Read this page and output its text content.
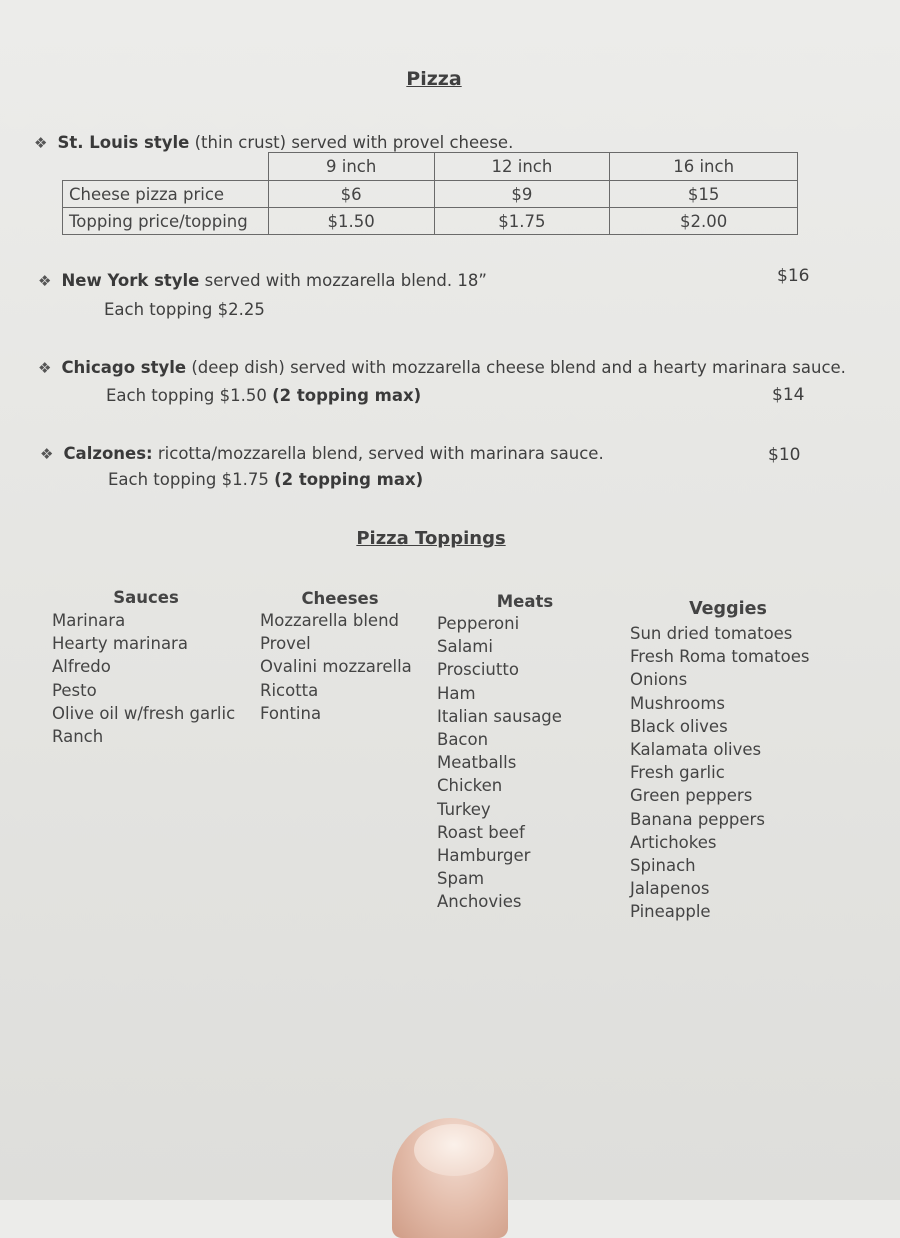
Pizza
❖ St. Louis style (thin crust) served with provel cheese.
	9 inch	12 inch	16 inch
Cheese pizza price	$6	$9	$15
Topping price/topping	$1.50	$1.75	$2.00
❖ New York style served with mozzarella blend. 18”	$16
Each topping $2.25
❖ Chicago style (deep dish) served with mozzarella cheese blend and a hearty marinara sauce.
Each topping $1.50 (2 topping max)	$14
❖ Calzones: ricotta/mozzarella blend, served with marinara sauce.	$10
Each topping $1.75 (2 topping max)
Pizza Toppings
Sauces
Marinara
Hearty marinara
Alfredo
Pesto
Olive oil w/fresh garlic
Ranch
Cheeses
Mozzarella blend
Provel
Ovalini mozzarella
Ricotta
Fontina
Meats
Pepperoni
Salami
Prosciutto
Ham
Italian sausage
Bacon
Meatballs
Chicken
Turkey
Roast beef
Hamburger
Spam
Anchovies
Veggies
Sun dried tomatoes
Fresh Roma tomatoes
Onions
Mushrooms
Black olives
Kalamata olives
Fresh garlic
Green peppers
Banana peppers
Artichokes
Spinach
Jalapenos
Pineapple
